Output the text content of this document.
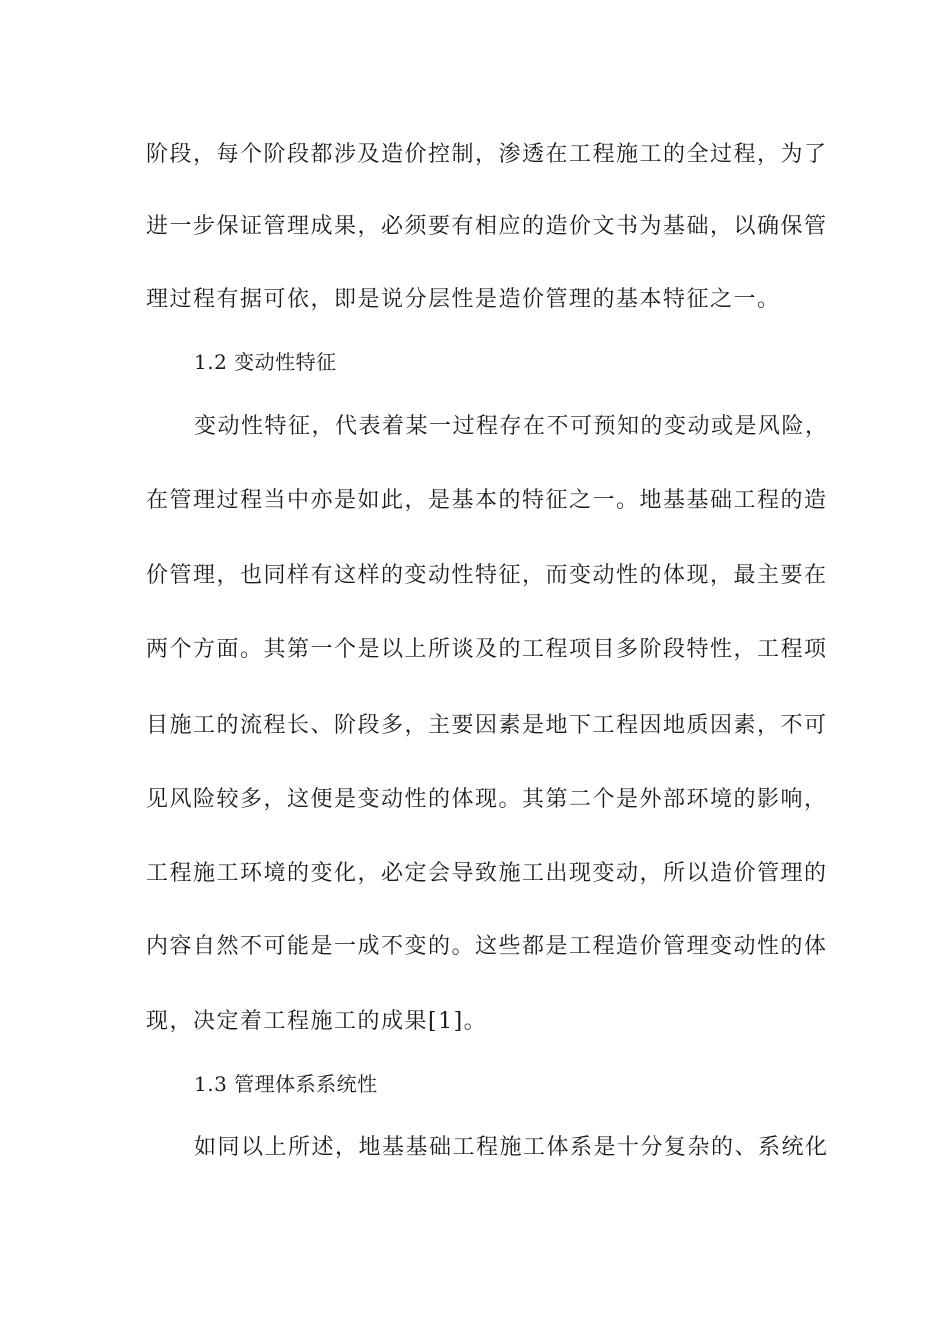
阶段，每个阶段都涉及造价控制，渗透在工程施工的全过程，为了
进一步保证管理成果，必须要有相应的造价文书为基础，以确保管
理过程有据可依，即是说分层性是造价管理的基本特征之一。
1.2 变动性特征
变动性特征，代表着某一过程存在不可预知的变动或是风险，
在管理过程当中亦是如此，是基本的特征之一。地基基础工程的造
价管理，也同样有这样的变动性特征，而变动性的体现，最主要在
两个方面。其第一个是以上所谈及的工程项目多阶段特性，工程项
目施工的流程长、阶段多，主要因素是地下工程因地质因素，不可
见风险较多，这便是变动性的体现。其第二个是外部环境的影响，
工程施工环境的变化，必定会导致施工出现变动，所以造价管理的
内容自然不可能是一成不变的。这些都是工程造价管理变动性的体
现，决定着工程施工的成果[1]。
1.3 管理体系系统性
如同以上所述，地基基础工程施工体系是十分复杂的、系统化
